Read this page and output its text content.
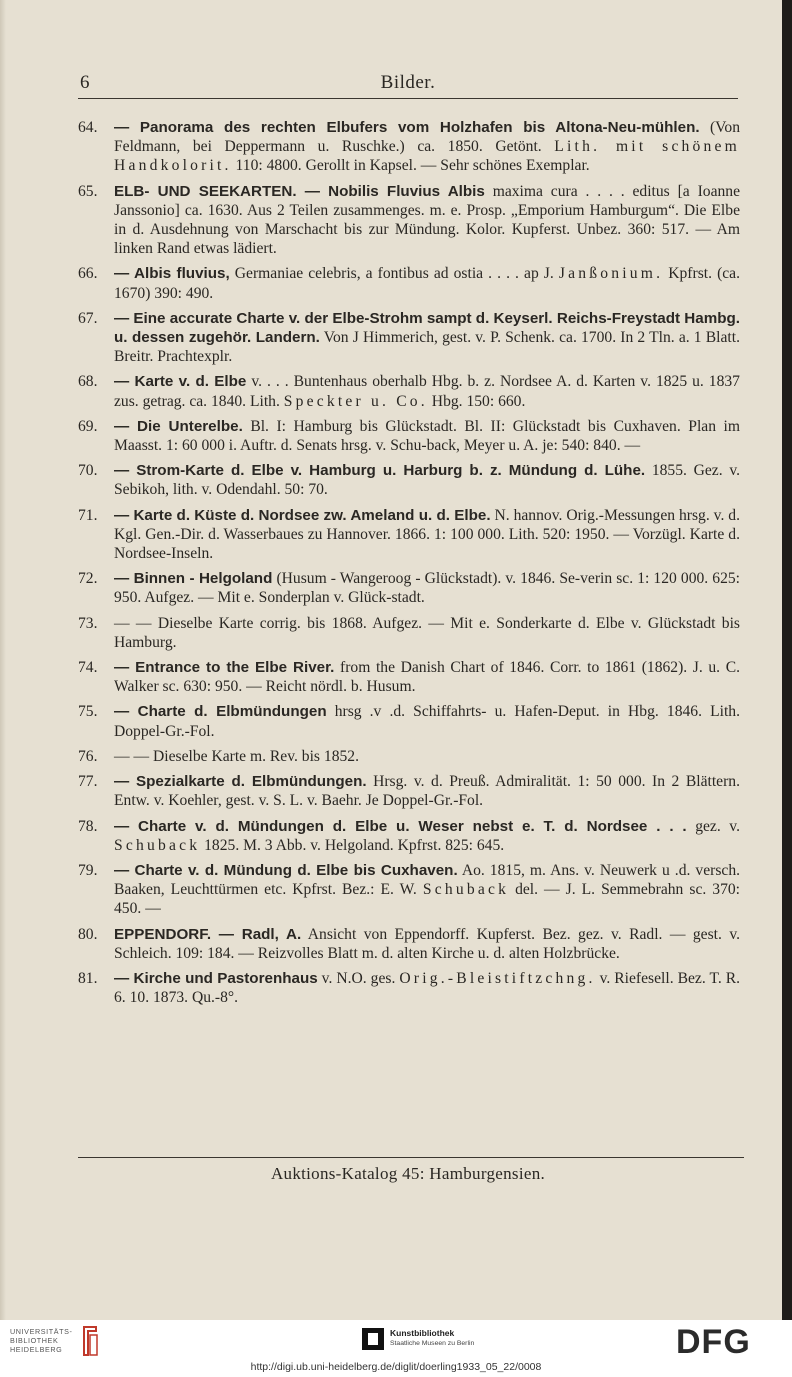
6	Bilder.
64. — Panorama des rechten Elbufers vom Holzhafen bis Altona-Neu-mühlen. (Von Feldmann, bei Deppermann u. Ruschke.) ca. 1850. Getönt. Lith. mit schönem Handkolorit. 110: 4800. Gerollt in Kapsel. — Sehr schönes Exemplar.
65. ELB- UND SEEKARTEN. — Nobilis Fluvius Albis maxima cura . . . . editus [a Ioanne Janssonio] ca. 1630. Aus 2 Teilen zusammenges. m. e. Prosp. „Emporium Hamburgum“. Die Elbe in d. Ausdehnung von Marschacht bis zur Mündung. Kolor. Kupferst. Unbez. 360: 517. — Am linken Rand etwas lädiert.
66. — Albis fluvius, Germaniae celebris, a fontibus ad ostia . . . . ap J. Janßonium. Kpfrst. (ca. 1670) 390: 490.
67. — Eine accurate Charte v. der Elbe-Strohm sampt d. Keyserl. Reichs-Freystadt Hambg. u. dessen zugehör. Landern. Von J Himmerich, gest. v. P. Schenk. ca. 1700. In 2 Tln. a. 1 Blatt. Breitr. Prachtexplr.
68. — Karte v. d. Elbe v. . . . Buntenhaus oberhalb Hbg. b. z. Nordsee A. d. Karten v. 1825 u. 1837 zus. getrag. ca. 1840. Lith. Speckter u. Co. Hbg. 150: 660.
69. — Die Unterelbe. Bl. I: Hamburg bis Glückstadt. Bl. II: Glückstadt bis Cuxhaven. Plan im Maasst. 1: 60 000 i. Auftr. d. Senats hrsg. v. Schu-back, Meyer u. A. je: 540: 840. —
70. — Strom-Karte d. Elbe v. Hamburg u. Harburg b. z. Mündung d. Lühe. 1855. Gez. v. Sebikoh, lith. v. Odendahl. 50: 70.
71. — Karte d. Küste d. Nordsee zw. Ameland u. d. Elbe. N. hannov. Orig.-Messungen hrsg. v. d. Kgl. Gen.-Dir. d. Wasserbaues zu Hannover. 1866. 1: 100 000. Lith. 520: 1950. — Vorzügl. Karte d. Nordsee-Inseln.
72. — Binnen - Helgoland (Husum - Wangeroog - Glückstadt). v. 1846. Se-verin sc. 1: 120 000. 625: 950. Aufgez. — Mit e. Sonderplan v. Glück-stadt.
73. — — Dieselbe Karte corrig. bis 1868. Aufgez. — Mit e. Sonderkarte d. Elbe v. Glückstadt bis Hamburg.
74. — Entrance to the Elbe River. from the Danish Chart of 1846. Corr. to 1861 (1862). J. u. C. Walker sc. 630: 950. — Reicht nördl. b. Husum.
75. — Charte d. Elbmündungen hrsg .v .d. Schiffahrts- u. Hafen-Deput. in Hbg. 1846. Lith. Doppel-Gr.-Fol.
76. — — Dieselbe Karte m. Rev. bis 1852.
77. — Spezialkarte d. Elbmündungen. Hrsg. v. d. Preuß. Admiralität. 1: 50 000. In 2 Blättern. Entw. v. Koehler, gest. v. S. L. v. Baehr. Je Doppel-Gr.-Fol.
78. — Charte v. d. Mündungen d. Elbe u. Weser nebst e. T. d. Nordsee . . . gez. v. Schuback 1825. M. 3 Abb. v. Helgoland. Kpfrst. 825: 645.
79. — Charte v. d. Mündung d. Elbe bis Cuxhaven. Ao. 1815, m. Ans. v. Neuwerk u .d. versch. Baaken, Leuchttürmen etc. Kpfrst. Bez.: E. W. Schuback del. — J. L. Semmebrahn sc. 370: 450. —
80. EPPENDORF. — Radl, A. Ansicht von Eppendorff. Kupferst. Bez. gez. v. Radl. — gest. v. Schleich. 109: 184. — Reizvolles Blatt m. d. alten Kirche u. d. alten Holzbrücke.
81. — Kirche und Pastorenhaus v. N.O. ges. Orig.-Bleistiftzchng. v. Riefesell. Bez. T. R. 6. 10. 1873. Qu.-8°.
Auktions-Katalog 45: Hamburgensien.
UNIVERSITÄTS-
BIBLIOTHEK
HEIDELBERG
Kunstbibliothek
Staatliche Museen zu Berlin	DFG
http://digi.ub.uni-heidelberg.de/diglit/doerling1933_05_22/0008
